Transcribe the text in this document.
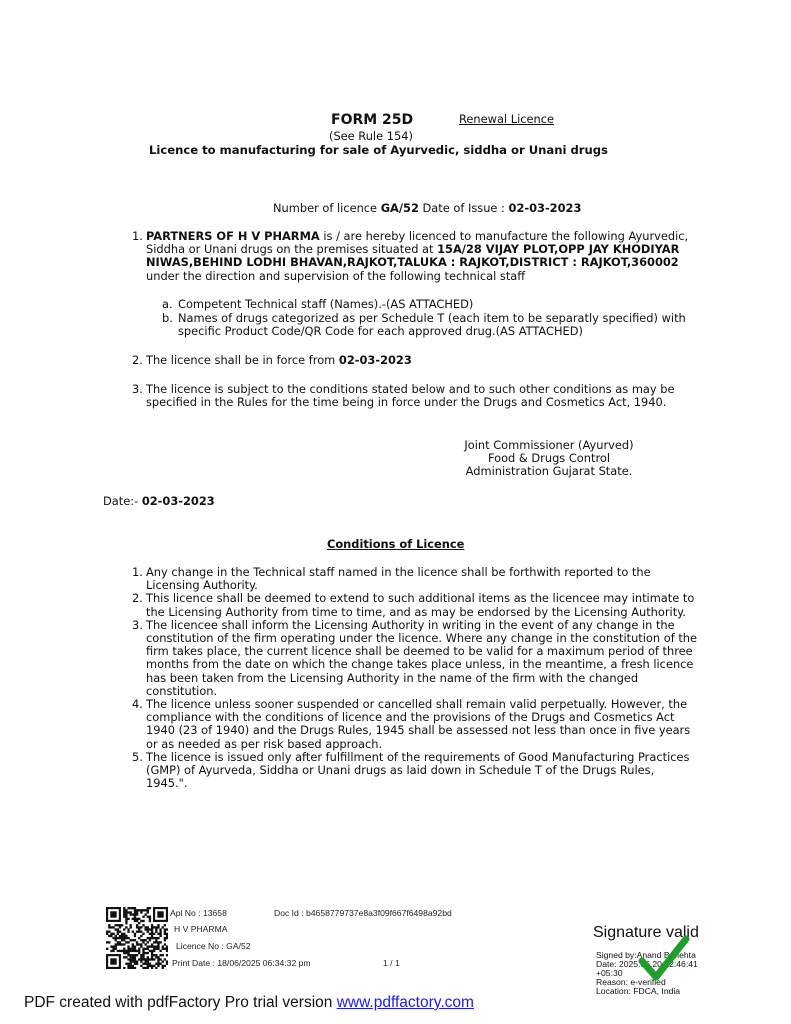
FORM 25D	Renewal Licence
(See Rule 154)
Licence to manufacturing for sale of Ayurvedic, siddha or Unani drugs
Number of licence GA/52 Date of Issue : 02-03-2023
1. PARTNERS OF H V PHARMA is / are hereby licenced to manufacture the following Ayurvedic,
Siddha or Unani drugs on the premises situated at 15A/28 VIJAY PLOT,OPP JAY KHODIYAR
NIWAS,BEHIND LODHI BHAVAN,RAJKOT,TALUKA : RAJKOT,DISTRICT : RAJKOT,360002
under the direction and supervision of the following technical staff
a. Competent Technical staff (Names).-(AS ATTACHED)
b. Names of drugs categorized as per Schedule T (each item to be separatly specified) with
specific Product Code/QR Code for each approved drug.(AS ATTACHED)
2. The licence shall be in force from 02-03-2023
3. The licence is subject to the conditions stated below and to such other conditions as may be
specified in the Rules for the time being in force under the Drugs and Cosmetics Act, 1940.
Joint Commissioner (Ayurved)
Food & Drugs Control
Administration Gujarat State.
Date:- 02-03-2023
Conditions of Licence
1. Any change in the Technical staff named in the licence shall be forthwith reported to the
Licensing Authority.
2. This licence shall be deemed to extend to such additional items as the licencee may intimate to
the Licensing Authority from time to time, and as may be endorsed by the Licensing Authority.
3. The licencee shall inform the Licensing Authority in writing in the event of any change in the
constitution of the firm operating under the licence. Where any change in the constitution of the
firm takes place, the current licence shall be deemed to be valid for a maximum period of three
months from the date on which the change takes place unless, in the meantime, a fresh licence
has been taken from the Licensing Authority in the name of the firm with the changed
constitution.
4. The licence unless sooner suspended or cancelled shall remain valid perpetually. However, the
compliance with the conditions of licence and the provisions of the Drugs and Cosmetics Act
1940 (23 of 1940) and the Drugs Rules, 1945 shall be assessed not less than once in five years
or as needed as per risk based approach.
5. The licence is issued only after fulfillment of the requirements of Good Manufacturing Practices
(GMP) of Ayurveda, Siddha or Unani drugs as laid down in Schedule T of the Drugs Rules,
1945.".
Apl No : 13658	Doc Id : b4658779737e8a3f09f667f6498a92bd
H V PHARMA
Licence No : GA/52
Print Date : 18/06/2025 06:34:32 pm	1 / 1
Signature valid
Signed by:Anand B Mehta
Date: 2025.06.20 12:46:41
+05:30
Reason: e-verified
Location: FDCA, India
PDF created with pdfFactory Pro trial version www.pdffactory.com
